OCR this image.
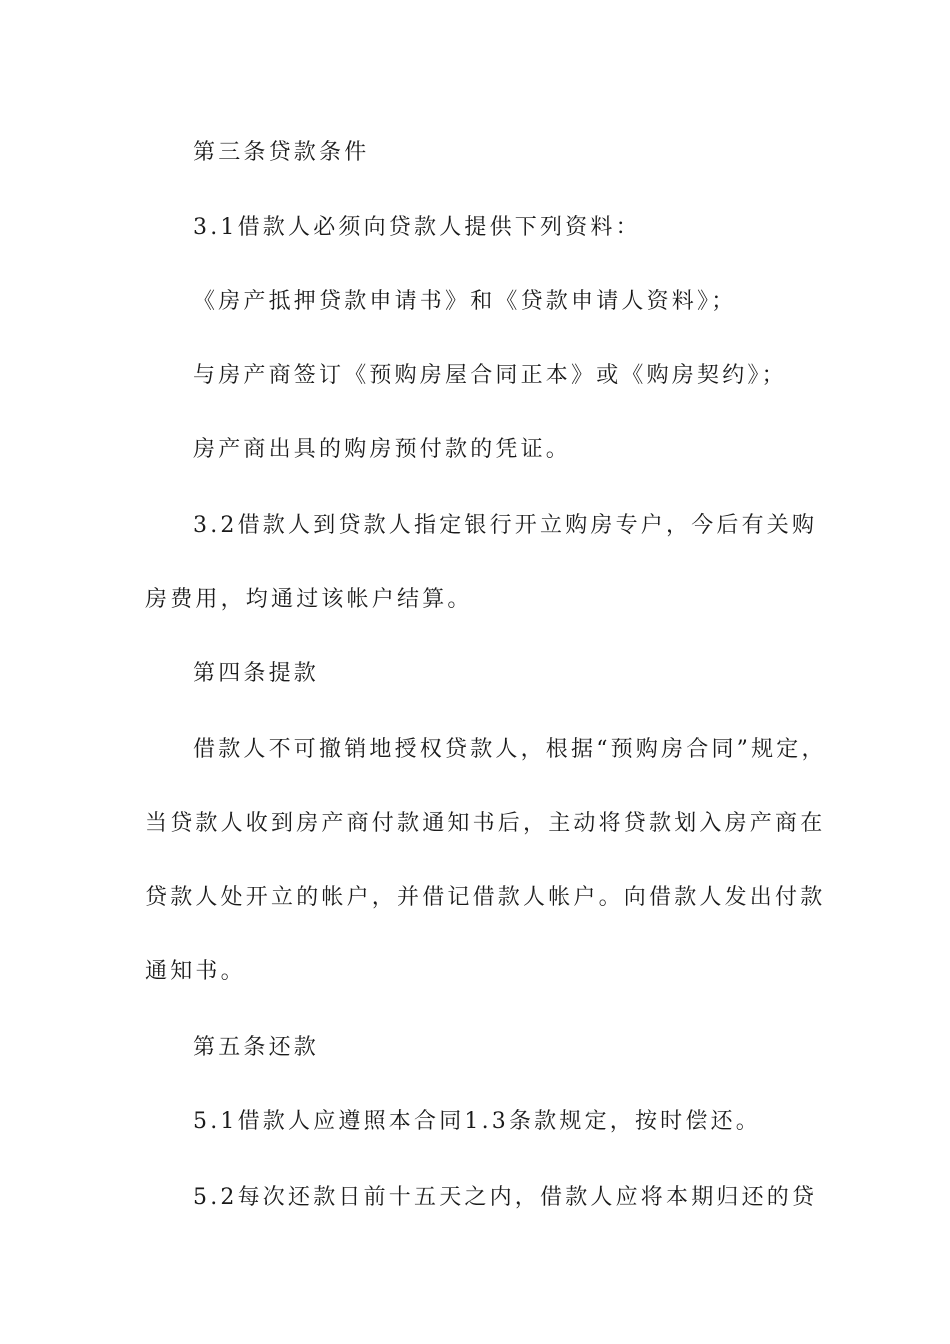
第三条贷款条件
3.1借款人必须向贷款人提供下列资料：
《房产抵押贷款申请书》和《贷款申请人资料》；
与房产商签订《预购房屋合同正本》或《购房契约》；
房产商出具的购房预付款的凭证。
3.2借款人到贷款人指定银行开立购房专户，今后有关购
房费用，均通过该帐户结算。
第四条提款
借款人不可撤销地授权贷款人，根据“预购房合同”规定，
当贷款人收到房产商付款通知书后，主动将贷款划入房产商在
贷款人处开立的帐户，并借记借款人帐户。向借款人发出付款
通知书。
第五条还款
5.1借款人应遵照本合同1.3条款规定，按时偿还。
5.2每次还款日前十五天之内，借款人应将本期归还的贷
